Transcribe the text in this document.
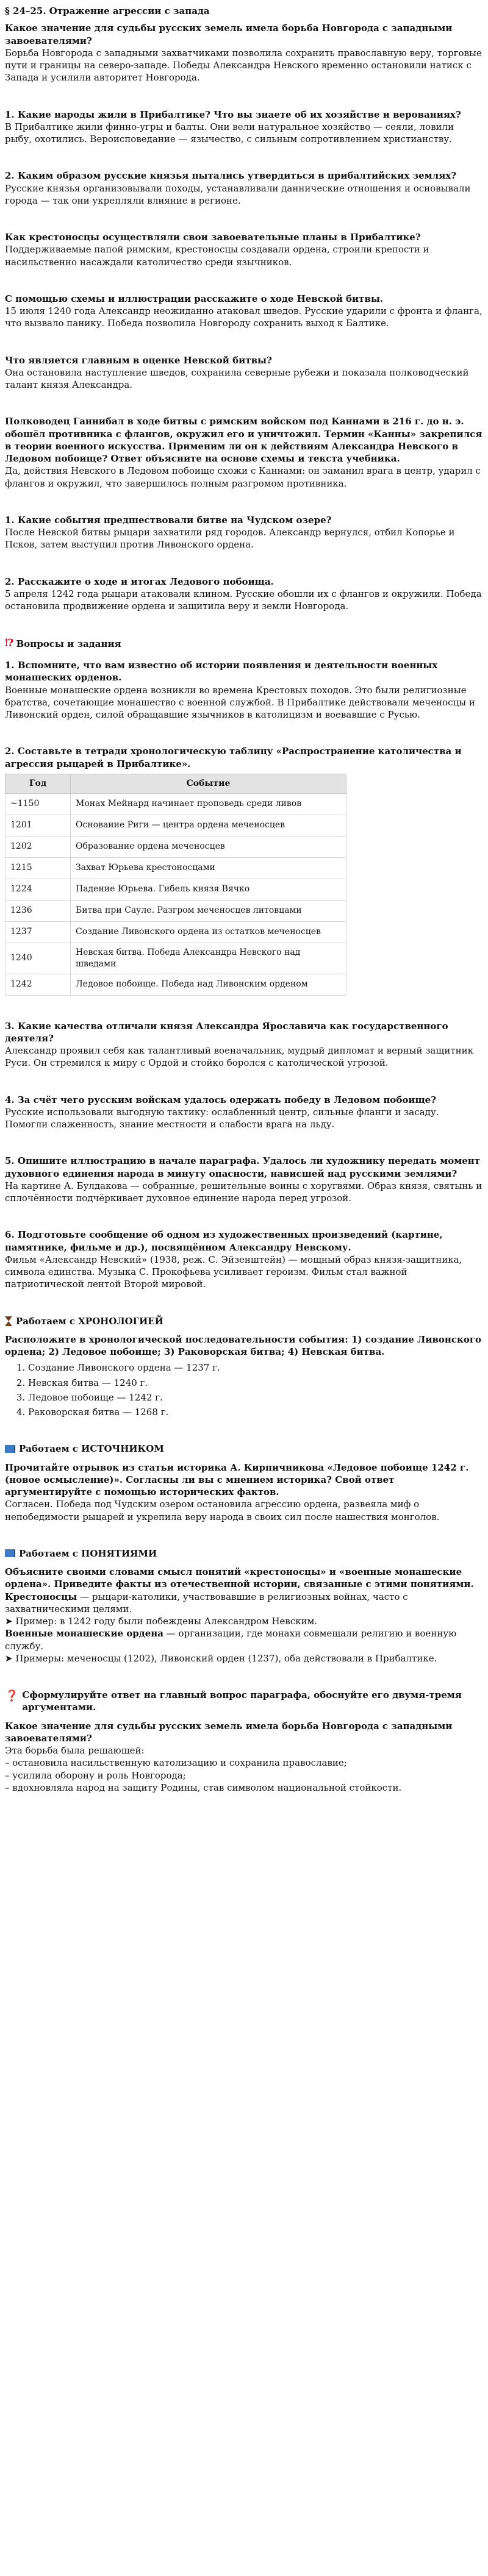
§ 24–25. Отражение агрессии с запада

Какое значение для судьбы русских земель имела борьба Новгорода с западными завоевателями?

Борьба Новгорода с западными захватчиками позволила сохранить православную веру, торговые пути и границы на северо-западе. Победы Александра Невского временно остановили натиск с Запада и усилили авторитет Новгорода.

1. Какие народы жили в Прибалтике? Что вы знаете об их хозяйстве и верованиях?

В Прибалтике жили финно-угры и балты. Они вели натуральное хозяйство — сеяли, ловили рыбу, охотились. Вероисповедание — язычество, с сильным сопротивлением христианству.

2. Каким образом русские князья пытались утвердиться в прибалтийских землях?

Русские князья организовывали походы, устанавливали даннические отношения и основывали города — так они укрепляли влияние в регионе.

Как крестоносцы осуществляли свои завоевательные планы в Прибалтике?

Поддерживаемые папой римским, крестоносцы создавали ордена, строили крепости и насильственно насаждали католичество среди язычников.

С помощью схемы и иллюстрации расскажите о ходе Невской битвы.

15 июля 1240 года Александр неожиданно атаковал шведов. Русские ударили с фронта и фланга, что вызвало панику. Победа позволила Новгороду сохранить выход к Балтике.

Что является главным в оценке Невской битвы?

Она остановила наступление шведов, сохранила северные рубежи и показала полководческий талант князя Александра.

Полководец Ганнибал в ходе битвы с римским войском под Каннами в 216 г. до н. э. обошёл противника с флангов, окружил его и уничтожил. Термин «Канны» закрепился в теории военного искусства. Применим ли он к действиям Александра Невского в Ледовом побоище? Ответ объясните на основе схемы и текста учебника.

Да, действия Невского в Ледовом побоище схожи с Каннами: он заманил врага в центр, ударил с флангов и окружил, что завершилось полным разгромом противника.

1. Какие события предшествовали битве на Чудском озере?

После Невской битвы рыцари захватили ряд городов. Александр вернулся, отбил Копорье и Псков, затем выступил против Ливонского ордена.

2. Расскажите о ходе и итогах Ледового побоища.

5 апреля 1242 года рыцари атаковали клином. Русские обошли их с флангов и окружили. Победа остановила продвижение ордена и защитила веру и земли Новгорода.

⁉ Вопросы и задания

1. Вспомните, что вам известно об истории появления и деятельности военных монашеских орденов.

Военные монашеские ордена возникли во времена Крестовых походов. Это были религиозные братства, сочетающие монашество с военной службой. В Прибалтике действовали меченосцы и Ливонский орден, силой обращавшие язычников в католицизм и воевавшие с Русью.

2. Составьте в тетради хронологическую таблицу «Распространение католичества и агрессия рыцарей в Прибалтике».

Год	Событие
~1150	Монах Мейнард начинает проповедь среди ливов
1201	Основание Риги — центра ордена меченосцев
1202	Образование ордена меченосцев
1215	Захват Юрьева крестоносцами
1224	Падение Юрьева. Гибель князя Вячко
1236	Битва при Сауле. Разгром меченосцев литовцами
1237	Создание Ливонского ордена из остатков меченосцев
1240	Невская битва. Победа Александра Невского над шведами
1242	Ледовое побоище. Победа над Ливонским орденом

3. Какие качества отличали князя Александра Ярославича как государственного деятеля?

Александр проявил себя как талантливый военачальник, мудрый дипломат и верный защитник Руси. Он стремился к миру с Ордой и стойко боролся с католической угрозой.

4. За счёт чего русским войскам удалось одержать победу в Ледовом побоище?

Русские использовали выгодную тактику: ослабленный центр, сильные фланги и засаду. Помогли слаженность, знание местности и слабости врага на льду.

5. Опишите иллюстрацию в начале параграфа. Удалось ли художнику передать момент духовного единения народа в минуту опасности, нависшей над русскими землями?

На картине А. Булдакова — собранные, решительные воины с хоругвями. Образ князя, святынь и сплочённости подчёркивает духовное единение народа перед угрозой.

6. Подготовьте сообщение об одном из художественных произведений (картине, памятнике, фильме и др.), посвящённом Александру Невскому.

Фильм «Александр Невский» (1938, реж. С. Эйзенштейн) — мощный образ князя-защитника, символа единства. Музыка С. Прокофьева усиливает героизм. Фильм стал важной патриотической лентой Второй мировой.

Работаем с ХРОНОЛОГИЕЙ

Расположите в хронологической последовательности события: 1) создание Ливонского ордена; 2) Ледовое побоище; 3) Раковорская битва; 4) Невская битва.

1. Создание Ливонского ордена — 1237 г.
2. Невская битва — 1240 г.
3. Ледовое побоище — 1242 г.
4. Раковорская битва — 1268 г.

Работаем с ИСТОЧНИКОМ

Прочитайте отрывок из статьи историка А. Кирпичникова «Ледовое побоище 1242 г. (новое осмысление)». Согласны ли вы с мнением историка? Свой ответ аргументируйте с помощью исторических фактов.

Согласен. Победа под Чудским озером остановила агрессию ордена, развеяла миф о непобедимости рыцарей и укрепила веру народа в своих сил после нашествия монголов.

Работаем с ПОНЯТИЯМИ

Объясните своими словами смысл понятий «крестоносцы» и «военные монашеские ордена». Приведите факты из отечественной истории, связанные с этими понятиями.

Крестоносцы — рыцари-католики, участвовавшие в религиозных войнах, часто с захватническими целями.

➤ Пример: в 1242 году были побеждены Александром Невским.

Военные монашеские ордена — организации, где монахи совмещали религию и военную службу.

➤ Примеры: меченосцы (1202), Ливонский орден (1237), оба действовали в Прибалтике.

❓ Сформулируйте ответ на главный вопрос параграфа, обоснуйте его двумя-тремя аргументами.

Какое значение для судьбы русских земель имела борьба Новгорода с западными завоевателями?

Эта борьба была решающей:

– остановила насильственную католизацию и сохранила православие;

– усилила оборону и роль Новгорода;

– вдохновляла народ на защиту Родины, став символом национальной стойкости.
